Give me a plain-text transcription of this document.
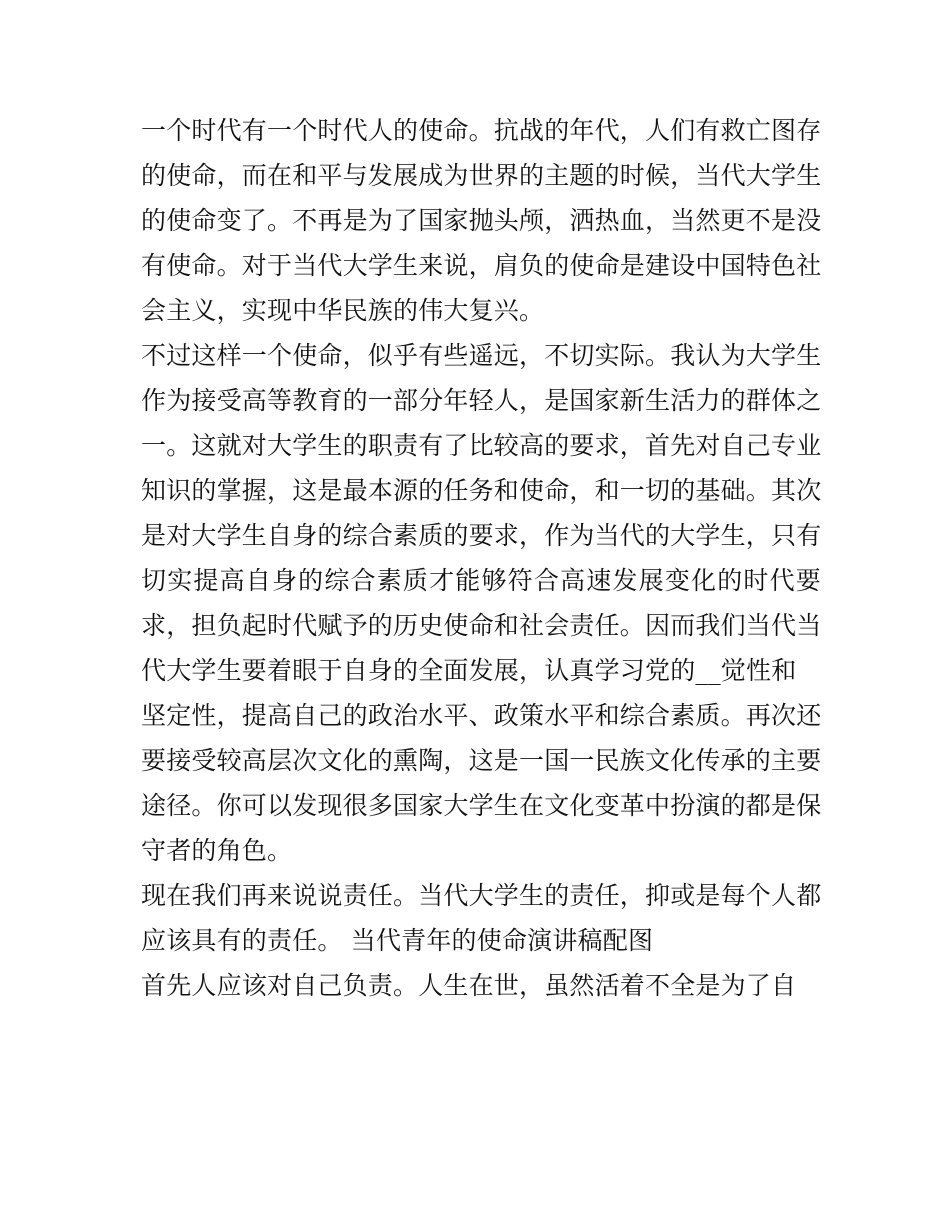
一个时代有一个时代人的使命。抗战的年代，人们有救亡图存
的使命，而在和平与发展成为世界的主题的时候，当代大学生
的使命变了。不再是为了国家抛头颅，洒热血，当然更不是没
有使命。对于当代大学生来说，肩负的使命是建设中国特色社
会主义，实现中华民族的伟大复兴。
不过这样一个使命，似乎有些遥远，不切实际。我认为大学生
作为接受高等教育的一部分年轻人，是国家新生活力的群体之
一。这就对大学生的职责有了比较高的要求，首先对自己专业
知识的掌握，这是最本源的任务和使命，和一切的基础。其次
是对大学生自身的综合素质的要求，作为当代的大学生，只有
切实提高自身的综合素质才能够符合高速发展变化的时代要
求，担负起时代赋予的历史使命和社会责任。因而我们当代当
代大学生要着眼于自身的全面发展，认真学习党的__觉性和
坚定性，提高自己的政治水平、政策水平和综合素质。再次还
要接受较高层次文化的熏陶，这是一国一民族文化传承的主要
途径。你可以发现很多国家大学生在文化变革中扮演的都是保
守者的角色。
现在我们再来说说责任。当代大学生的责任，抑或是每个人都
应该具有的责任。 当代青年的使命演讲稿配图
首先人应该对自己负责。人生在世，虽然活着不全是为了自
